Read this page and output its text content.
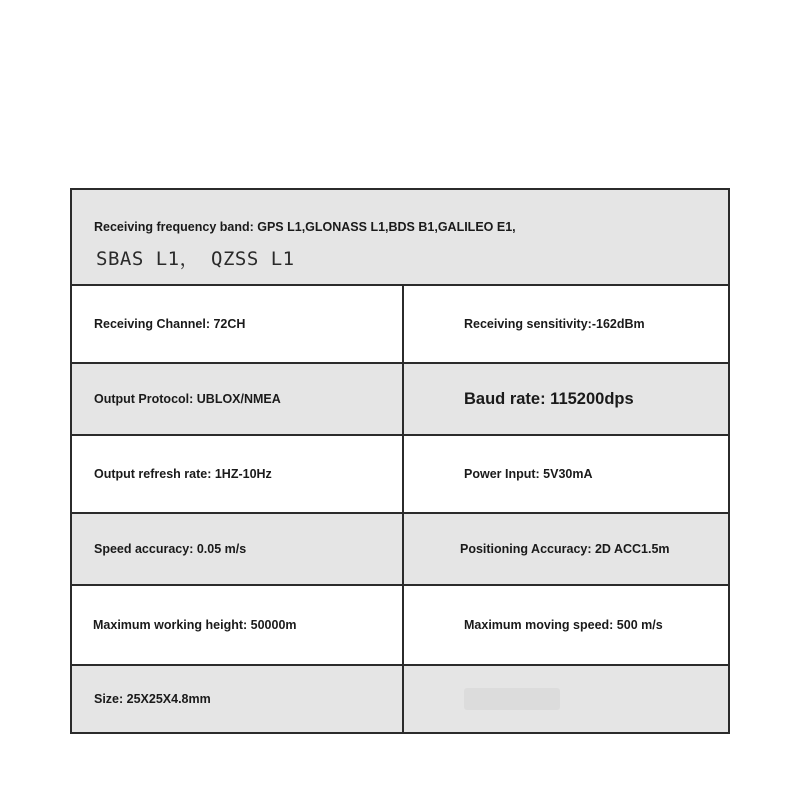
Receiving frequency band: GPS L1,GLONASS L1,BDS B1,GALILEO E1,
SBAS L1， QZSS L1
Receiving Channel: 72CH	Receiving sensitivity:-162dBm
Output Protocol: UBLOX/NMEA	Baud rate: 115200dps
Output refresh rate: 1HZ-10Hz	Power Input: 5V30mA
Speed accuracy: 0.05 m/s	Positioning Accuracy: 2D ACC1.5m
Maximum working height: 50000m	Maximum moving speed: 500 m/s
Size: 25X25X4.8mm
